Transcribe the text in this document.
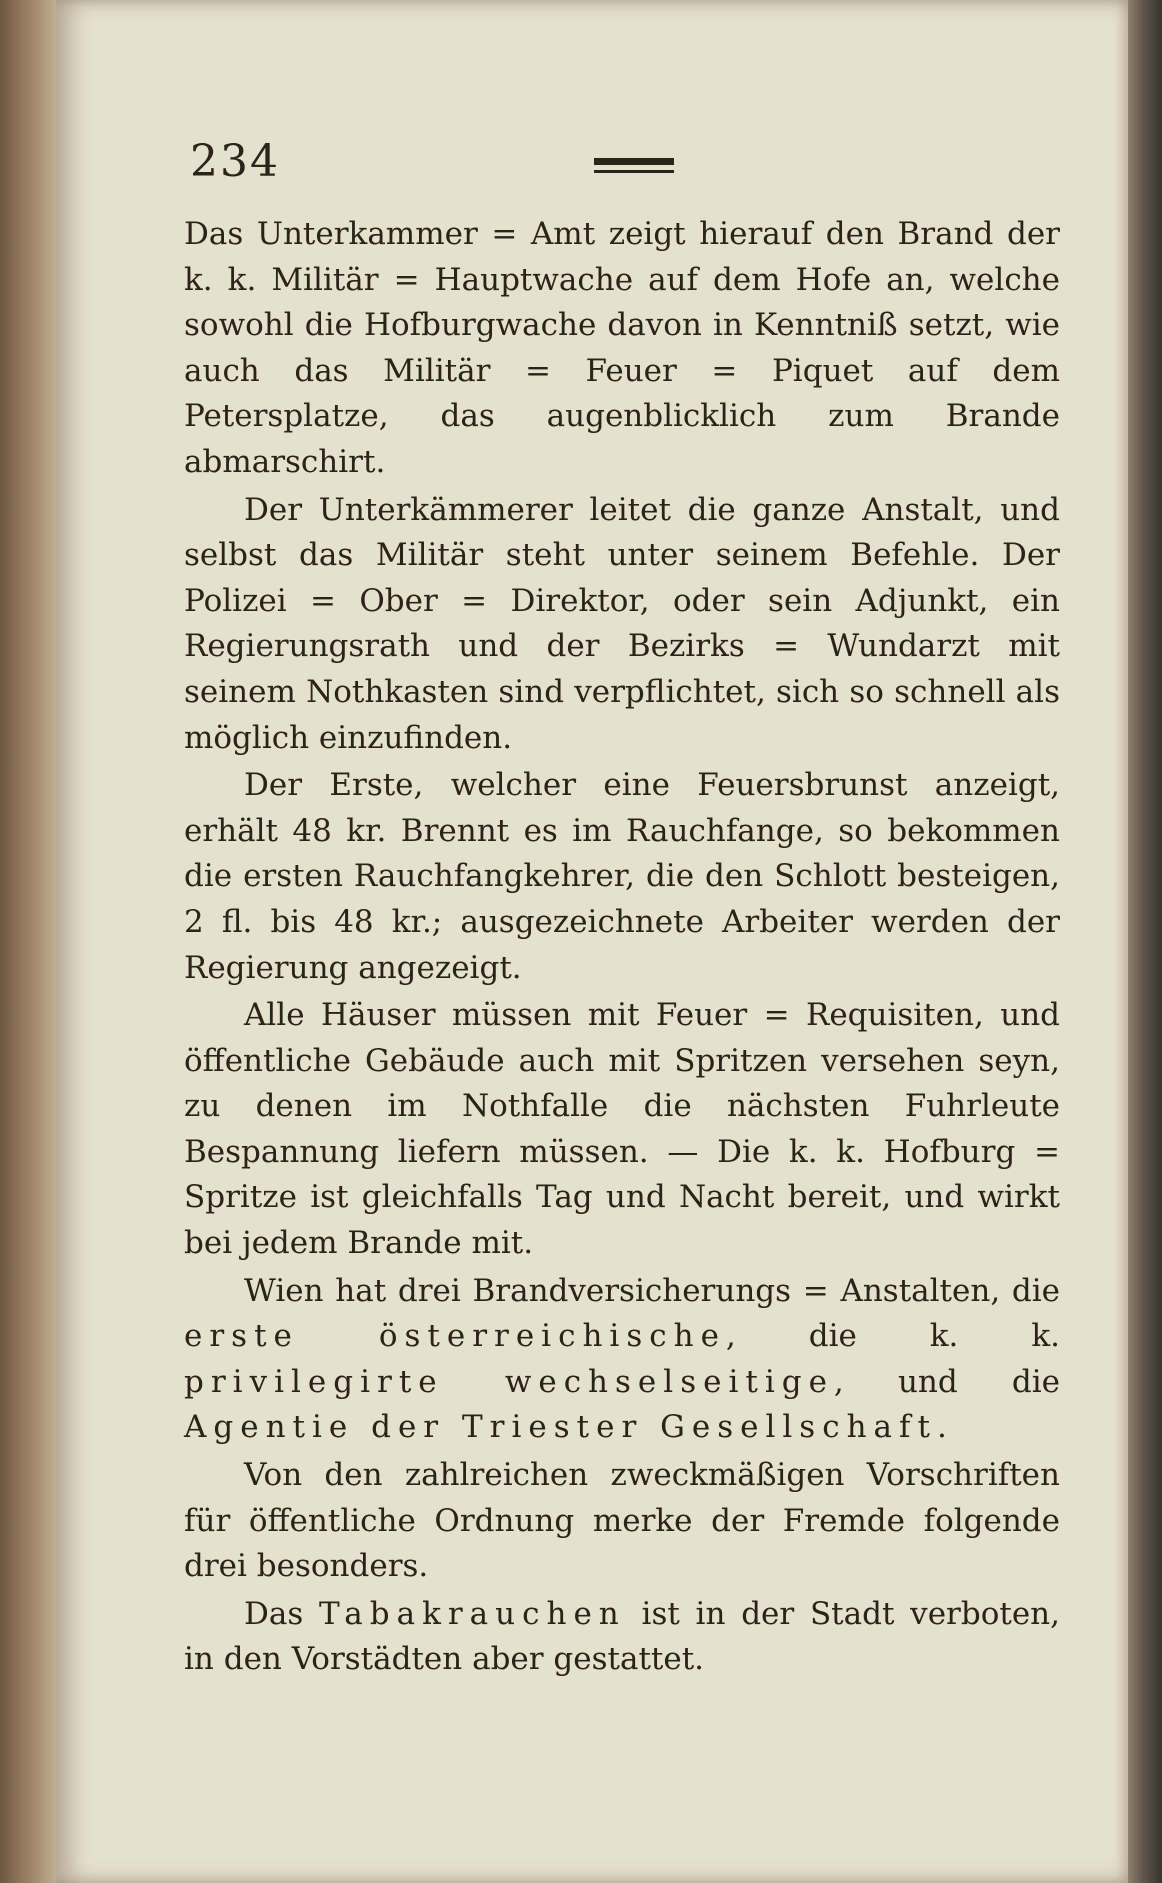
234

Das Unterkammer = Amt zeigt hierauf den Brand der k. k. Militär = Hauptwache auf dem Hofe an, welche sowohl die Hofburgwache davon in Kenntniß setzt, wie auch das Militär = Feuer = Piquet auf dem Petersplatze, das augenblicklich zum Brande abmarschirt.

Der Unterkämmerer leitet die ganze Anstalt, und selbst das Militär steht unter seinem Befehle. Der Polizei = Ober = Direktor, oder sein Adjunkt, ein Regierungsrath und der Bezirks = Wundarzt mit seinem Nothkasten sind verpflichtet, sich so schnell als möglich einzufinden.

Der Erste, welcher eine Feuersbrunst anzeigt, erhält 48 kr. Brennt es im Rauchfange, so bekommen die ersten Rauchfangkehrer, die den Schlott besteigen, 2 fl. bis 48 kr.; ausgezeichnete Arbeiter werden der Regierung angezeigt.

Alle Häuser müssen mit Feuer = Requisiten, und öffentliche Gebäude auch mit Spritzen versehen seyn, zu denen im Nothfalle die nächsten Fuhrleute Bespannung liefern müssen. — Die k. k. Hofburg = Spritze ist gleichfalls Tag und Nacht bereit, und wirkt bei jedem Brande mit.

Wien hat drei Brandversicherungs = Anstalten, die erste österreichische, die k. k. privilegirte wechselseitige, und die Agentie der Triester Gesellschaft.

Von den zahlreichen zweckmäßigen Vorschriften für öffentliche Ordnung merke der Fremde folgende drei besonders.

Das Tabakrauchen ist in der Stadt verboten, in den Vorstädten aber gestattet.
